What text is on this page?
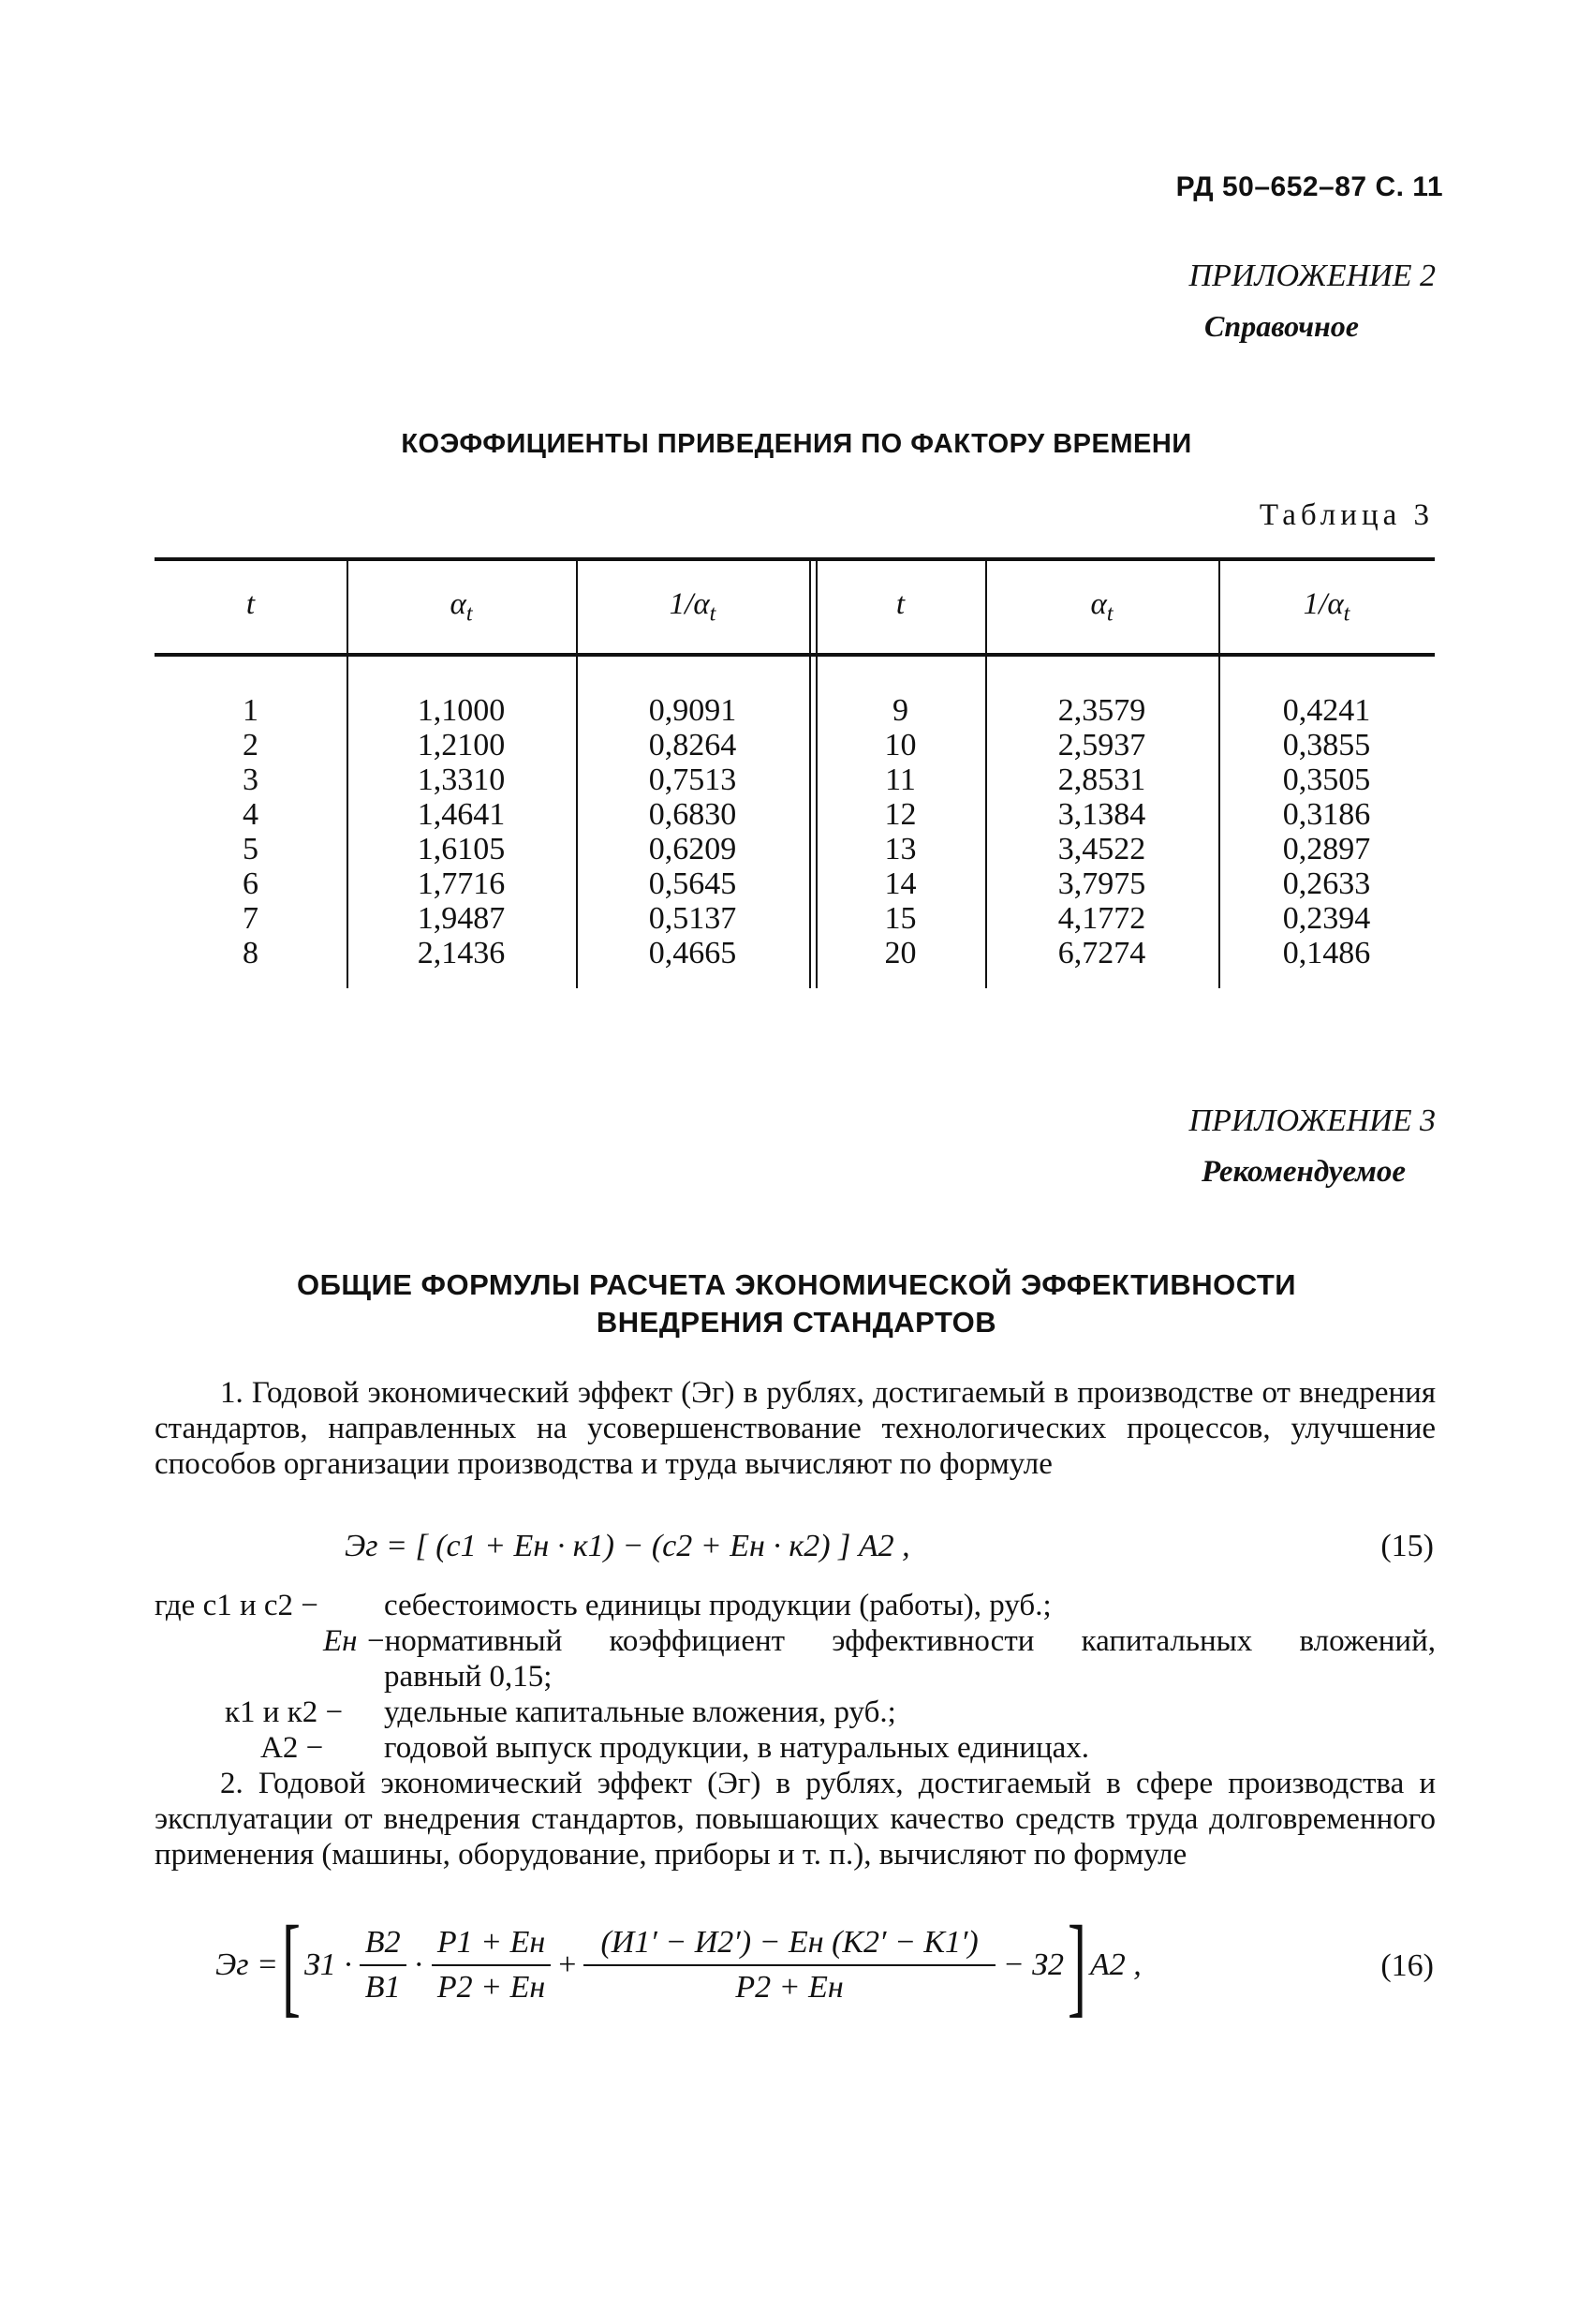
РД 50–652–87 С. 11
ПРИЛОЖЕНИЕ 2
Справочное
КОЭФФИЦИЕНТЫ ПРИВЕДЕНИЯ ПО ФАКТОРУ ВРЕМЕНИ
Таблица 3
t
1
2
3
4
5
6
7
8
$\alpha_t$
1,1000
1,2100
1,3310
1,4641
1,6105
1,7716
1,9487
2,1436
$1/\alpha_t$
0,9091
0,8264
0,7513
0,6830
0,6209
0,5645
0,5137
0,4665
t
9
10
11
12
13
14
15
20
$\alpha_t$
2,3579
2,5937
2,8531
3,1384
3,4522
3,7975
4,1772
6,7274
$1/\alpha_t$
0,4241
0,3855
0,3505
0,3186
0,2897
0,2633
0,2394
0,1486
ПРИЛОЖЕНИЕ 3
Рекомендуемое
ОБЩИЕ ФОРМУЛЫ РАСЧЕТА ЭКОНОМИЧЕСКОЙ ЭФФЕКТИВНОСТИ
ВНЕДРЕНИЯ СТАНДАРТОВ
1. Годовой экономический эффект (Эг) в рублях, достигаемый в производстве от внедрения стандартов, направленных на усовершенствование технологических процессов, улучшение способов организации производства и труда вычисляют по формуле
Эг = [ (с1 + Ен · к1) − (с2 + Ен · к2) ] А2 ,	(15)
где с1 и с2 − себестоимость единицы продукции (работы), руб.;
Ен −нормативный коэффициент эффективности капитальных вложений,
равный 0,15;
к1 и к2 − удельные капитальные вложения, руб.;
А2 − годовой выпуск продукции, в натуральных единицах.
2. Годовой экономический эффект (Эг) в рублях, достигаемый в сфере производства и эксплуатации от внедрения стандартов, повышающих качество средств труда долговременного применения (машины, оборудование, приборы и т. п.), вычисляют по формуле
Эг = [ $З1 \cdot \frac{В2}{В1} \cdot \frac{Р1 + Ен}{Р2 + Ен} + \frac{(И1' - И2') - Ен (К2' - К1')}{Р2 + Ен} - З2$ ] А2 ,	(16)
